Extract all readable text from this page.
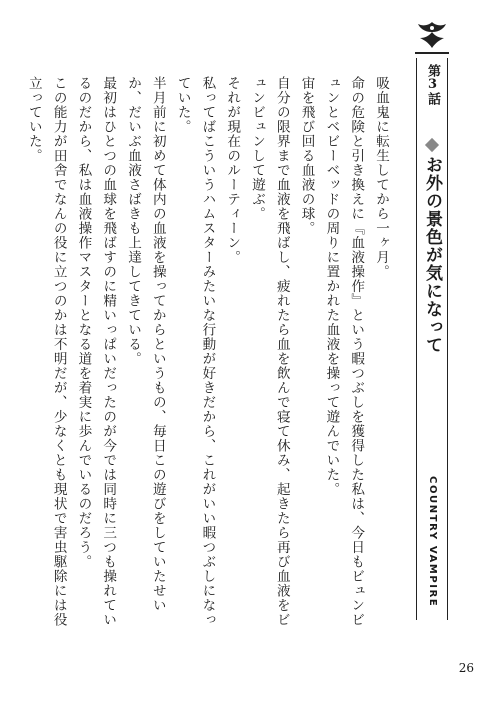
第3話
お外の景色が気になって
COUNTRY VAMPIRE

吸血鬼に転生してから一ヶ月。

命の危険と引き換えに『血液操作』という暇つぶしを獲得した私は、今日もビュンビュンとベビーベッドの周りに置かれた血液を操って遊んでいた。

宙を飛び回る血液の球。

自分の限界まで血液を飛ばし、疲れたら血を飲んで寝て休み、起きたら再び血液をビュンビュンして遊ぶ。

それが現在のルーティーン。

私ってばこういうハムスターみたいな行動が好きだから、これがいい暇つぶしになっていた。

半月前に初めて体内の血液を操ってからというもの、毎日この遊びをしていたせいか、だいぶ血液さばきも上達してきている。

最初はひとつの血球を飛ばすのに精いっぱいだったのが今では同時に三つも操れているのだから、私は血液操作マスターとなる道を着実に歩んでいるのだろう。

この能力が田舎でなんの役に立つのかは不明だが、少なくとも現状で害虫駆除には役立っていた。

26
